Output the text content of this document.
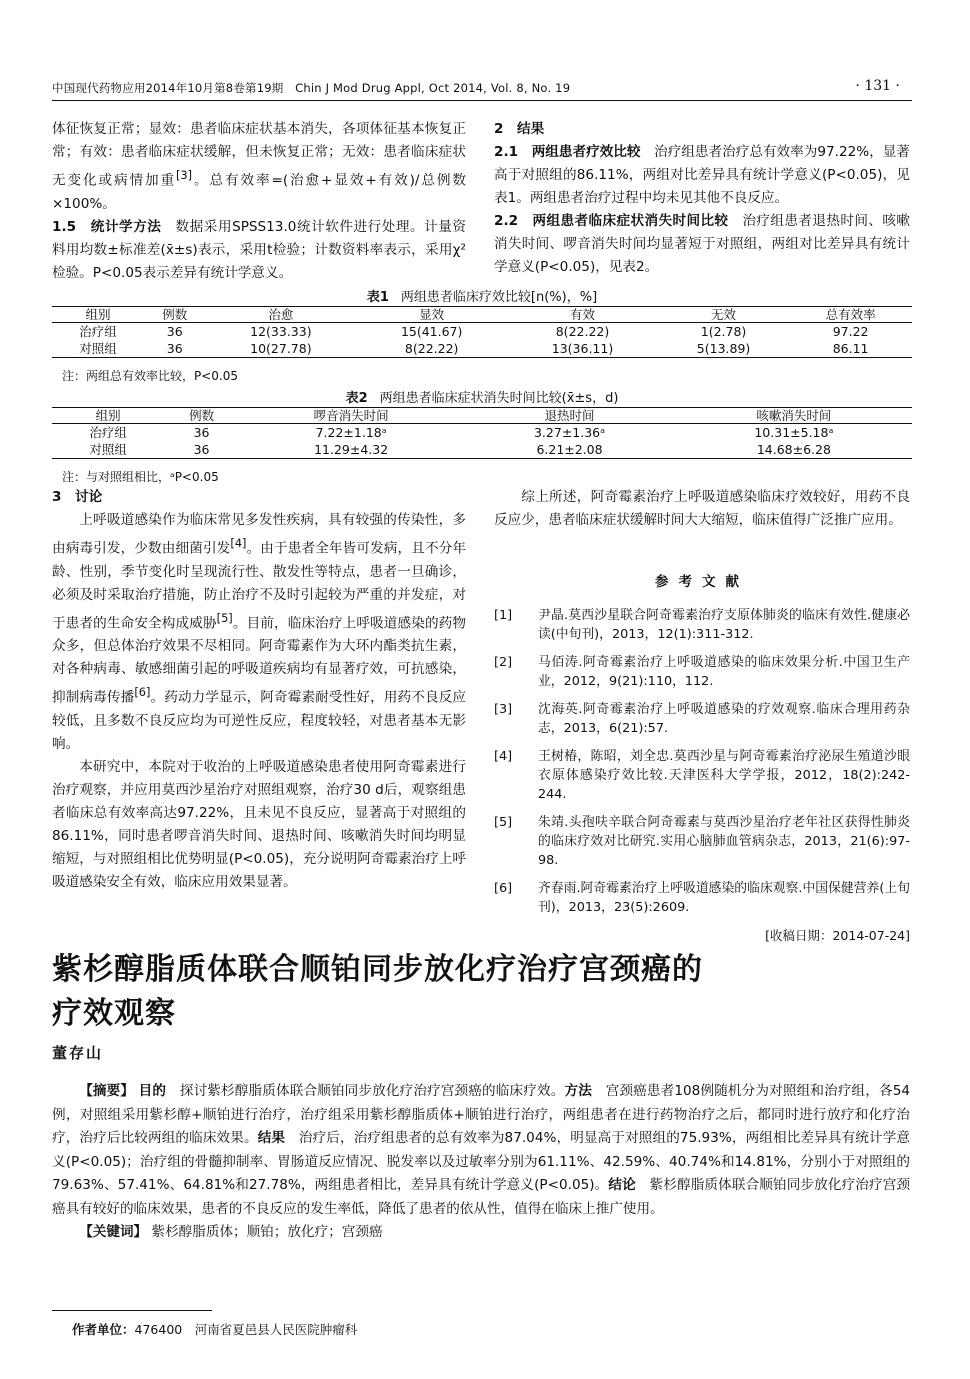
中国现代药物应用2014年10月第8卷第19期　Chin J Mod Drug Appl, Oct 2014, Vol. 8, No. 19	· 131 ·

体征恢复正常；显效：患者临床症状基本消失，各项体征基本恢复正常；有效：患者临床症状缓解，但未恢复正常；无效：患者临床症状无变化或病情加重[3]。总有效率=(治愈+显效+有效)/总例数×100%。

1.5　统计学方法　 数据采用SPSS13.0统计软件进行处理。计量资料用均数±标准差(x̄±s)表示，采用t检验；计数资料率表示，采用χ²检验。P<0.05表示差异有统计学意义。

2　结果

2.1　两组患者疗效比较　 治疗组患者治疗总有效率为97.22%，显著高于对照组的86.11%，两组对比差异具有统计学意义(P<0.05)，见表1。两组患者治疗过程中均未见其他不良反应。

2.2　两组患者临床症状消失时间比较　 治疗组患者退热时间、咳嗽消失时间、啰音消失时间均显著短于对照组，两组对比差异具有统计学意义(P<0.05)，见表2。

表1 两组患者临床疗效比较[n(%)，%]
组别	例数	治愈	显效	有效	无效	总有效率
治疗组	36	12(33.33)	15(41.67)	8(22.22)	1(2.78)	97.22
对照组	36	10(27.78)	8(22.22)	13(36.11)	5(13.89)	86.11
注：两组总有效率比较，P<0.05
表2 两组患者临床症状消失时间比较(x̄±s，d)
组别	例数	啰音消失时间	退热时间	咳嗽消失时间
治疗组	36	7.22±1.18ᵃ	3.27±1.36ᵃ	10.31±5.18ᵃ
对照组	36	11.29±4.32	6.21±2.08	14.68±6.28
注：与对照组相比，ᵃP<0.05

3　讨论

上呼吸道感染作为临床常见多发性疾病，具有较强的传染性，多由病毒引发，少数由细菌引发[4]。由于患者全年皆可发病，且不分年龄、性别，季节变化时呈现流行性、散发性等特点，患者一旦确诊，必须及时采取治疗措施，防止治疗不及时引起较为严重的并发症，对于患者的生命安全构成威胁[5]。目前，临床治疗上呼吸道感染的药物众多，但总体治疗效果不尽相同。阿奇霉素作为大环内酯类抗生素，对各种病毒、敏感细菌引起的呼吸道疾病均有显著疗效，可抗感染，抑制病毒传播[6]。药动力学显示，阿奇霉素耐受性好，用药不良反应较低，且多数不良反应均为可逆性反应，程度较轻，对患者基本无影响。

本研究中，本院对于收治的上呼吸道感染患者使用阿奇霉素进行治疗观察，并应用莫西沙星治疗对照组观察，治疗30 d后，观察组患者临床总有效率高达97.22%，且未见不良反应，显著高于对照组的86.11%，同时患者啰音消失时间、退热时间、咳嗽消失时间均明显缩短，与对照组相比优势明显(P<0.05)，充分说明阿奇霉素治疗上呼吸道感染安全有效，临床应用效果显著。

综上所述，阿奇霉素治疗上呼吸道感染临床疗效较好，用药不良反应少，患者临床症状缓解时间大大缩短，临床值得广泛推广应用。

参考文献
[1] 尹晶.莫西沙星联合阿奇霉素治疗支原体肺炎的临床有效性.健康必读(中旬刊)，2013，12(1):311-312.
[2] 马佰涛.阿奇霉素治疗上呼吸道感染的临床效果分析.中国卫生产业，2012，9(21):110，112.
[3] 沈海英.阿奇霉素治疗上呼吸道感染的疗效观察.临床合理用药杂志，2013，6(21):57.
[4] 王树椿，陈昭，刘全忠.莫西沙星与阿奇霉素治疗泌尿生殖道沙眼衣原体感染疗效比较.天津医科大学学报，2012，18(2):242-244.
[5] 朱靖.头孢呋辛联合阿奇霉素与莫西沙星治疗老年社区获得性肺炎的临床疗效对比研究.实用心脑肺血管病杂志，2013，21(6):97-98.
[6] 齐春雨.阿奇霉素治疗上呼吸道感染的临床观察.中国保健营养(上旬刊)，2013，23(5):2609.
[收稿日期：2014-07-24]
紫杉醇脂质体联合顺铂同步放化疗治疗宫颈癌的
疗效观察
董存山

【摘要】 目的　 探讨紫杉醇脂质体联合顺铂同步放化疗治疗宫颈癌的临床疗效。方法　 宫颈癌患者108例随机分为对照组和治疗组，各54例，对照组采用紫杉醇+顺铂进行治疗，治疗组采用紫杉醇脂质体+顺铂进行治疗，两组患者在进行药物治疗之后，都同时进行放疗和化疗治疗，治疗后比较两组的临床效果。结果　 治疗后，治疗组患者的总有效率为87.04%，明显高于对照组的75.93%，两组相比差异具有统计学意义(P<0.05)；治疗组的骨髓抑制率、胃肠道反应情况、脱发率以及过敏率分别为61.11%、42.59%、40.74%和14.81%，分别小于对照组的79.63%、57.41%、64.81%和27.78%，两组患者相比，差异具有统计学意义(P<0.05)。结论　 紫杉醇脂质体联合顺铂同步放化疗治疗宫颈癌具有较好的临床效果，患者的不良反应的发生率低，降低了患者的依从性，值得在临床上推广使用。

【关键词】 紫杉醇脂质体；顺铂；放化疗；宫颈癌

作者单位：476400　河南省夏邑县人民医院肿瘤科
